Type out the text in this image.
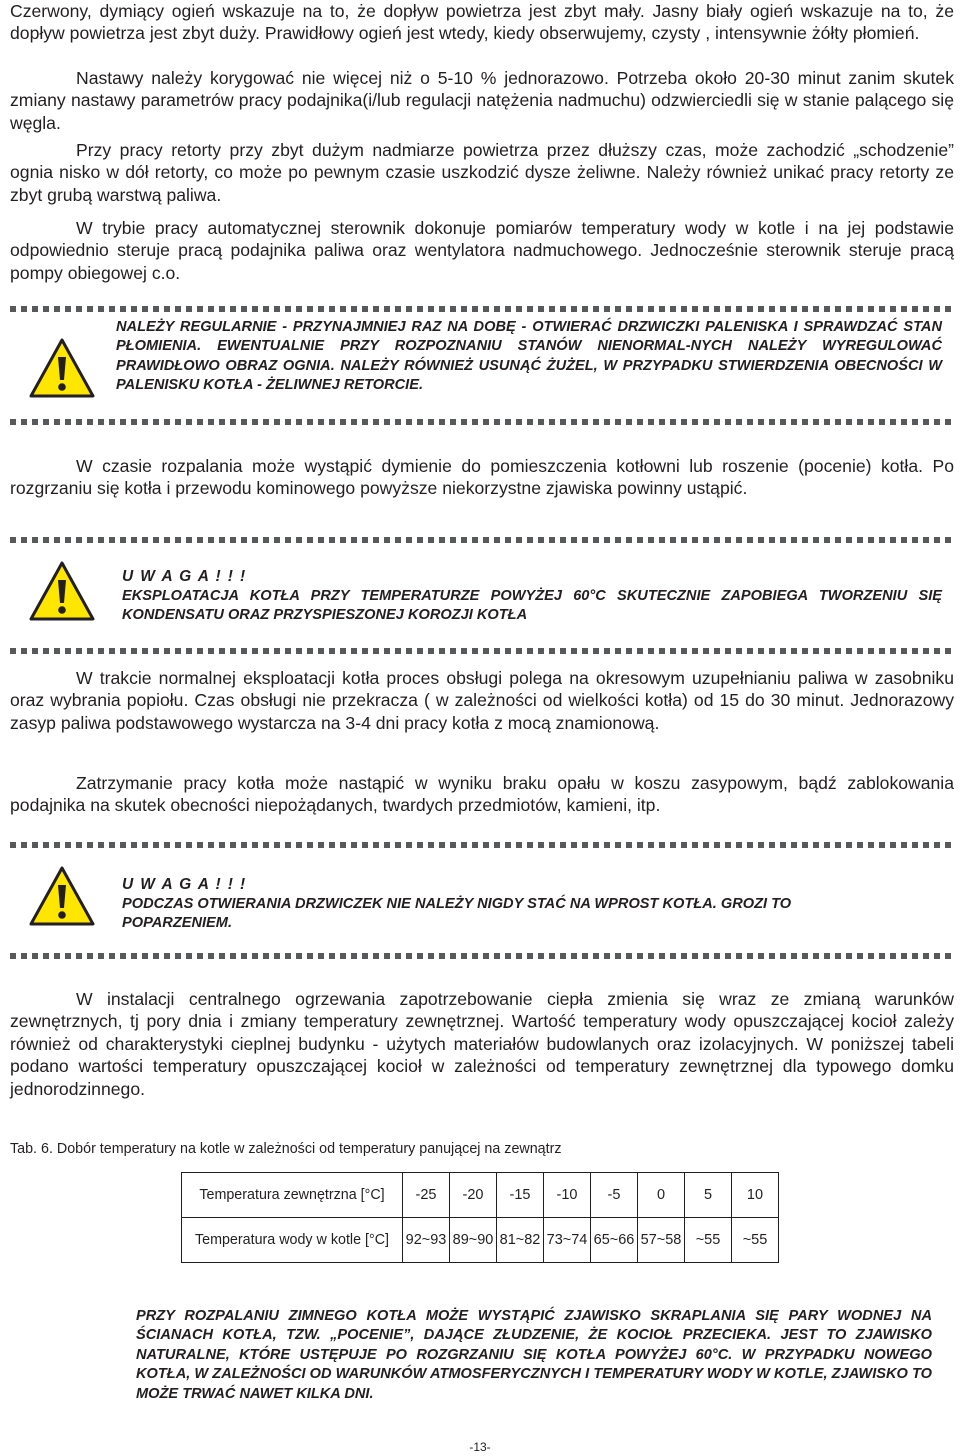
Czerwony, dymiący ogień wskazuje na to, że dopływ powietrza jest zbyt mały. Jasny biały ogień wskazuje na to, że dopływ powietrza jest zbyt duży. Prawidłowy ogień jest wtedy, kiedy obserwujemy, czysty , intensywnie żółty płomień.

Nastawy należy korygować nie więcej niż o 5-10 % jednorazowo. Potrzeba około 20-30 minut zanim skutek zmiany nastawy parametrów pracy podajnika(i/lub regulacji natężenia nadmuchu) odzwierciedli się w stanie palącego się węgla.

Przy pracy retorty przy zbyt dużym nadmiarze powietrza przez dłuższy czas, może zachodzić „schodzenie” ognia nisko w dół retorty, co może po pewnym czasie uszkodzić dysze żeliwne. Należy również unikać pracy retorty ze zbyt grubą warstwą paliwa.

W trybie pracy automatycznej sterownik dokonuje pomiarów temperatury wody w kotle i na jej podstawie odpowiednio steruje pracą podajnika paliwa oraz wentylatora nadmuchowego. Jednocześnie sterownik steruje pracą pompy obiegowej c.o.

NALEŻY REGULARNIE - PRZYNAJMNIEJ RAZ NA DOBĘ - OTWIERAĆ DRZWICZKI PALENISKA I SPRAWDZAĆ STAN PŁOMIENIA. EWENTUALNIE PRZY ROZPOZNANIU STANÓW NIENORMAL-NYCH NALEŻY WYREGULOWAĆ PRAWIDŁOWO OBRAZ OGNIA. NALEŻY RÓWNIEŻ USUNĄĆ ŻUŻEL, W PRZYPADKU STWIERDZENIA OBECNOŚCI W PALENISKU KOTŁA - ŻELIWNEJ RETORCIE.

W czasie rozpalania może wystąpić dymienie do pomieszczenia kotłowni lub roszenie (pocenie) kotła. Po rozgrzaniu się kotła i przewodu kominowego powyższe niekorzystne zjawiska powinny ustąpić.

U W A G A ! ! !

EKSPLOATACJA KOTŁA PRZY TEMPERATURZE POWYŻEJ 60°C SKUTECZNIE ZAPOBIEGA TWORZENIU SIĘ KONDENSATU ORAZ PRZYSPIESZONEJ KOROZJI KOTŁA

W trakcie normalnej eksploatacji kotła proces obsługi polega na okresowym uzupełnianiu paliwa w zasobniku oraz wybrania popiołu. Czas obsługi nie przekracza ( w zależności od wielkości kotła) od 15 do 30 minut. Jednorazowy zasyp paliwa podstawowego wystarcza na 3-4 dni pracy kotła z mocą znamionową.

Zatrzymanie pracy kotła może nastąpić w wyniku braku opału w koszu zasypowym, bądź zablokowania podajnika na skutek obecności niepożądanych, twardych przedmiotów, kamieni, itp.

U W A G A ! ! !

PODCZAS OTWIERANIA DRZWICZEK NIE NALEŻY NIGDY STAĆ NA WPROST KOTŁA. GROZI TO POPARZENIEM.

W instalacji centralnego ogrzewania zapotrzebowanie ciepła zmienia się wraz ze zmianą warunków zewnętrznych, tj pory dnia i zmiany temperatury zewnętrznej. Wartość temperatury wody opuszczającej kocioł zależy również od charakterystyki cieplnej budynku - użytych materiałów budowlanych oraz izolacyjnych. W poniższej tabeli podano wartości temperatury opuszczającej kocioł w zależności od temperatury zewnętrznej dla typowego domku jednorodzinnego.

Tab. 6. Dobór temperatury na kotle w zależności od temperatury panującej na zewnątrz

Temperatura zewnętrzna [°C]	-25	-20	-15	-10	-5	0	5	10
Temperatura wody w kotle [°C]	92~93	89~90	81~82	73~74	65~66	57~58	~55	~55

PRZY ROZPALANIU ZIMNEGO KOTŁA MOŻE WYSTĄPIĆ ZJAWISKO SKRAPLANIA SIĘ PARY WODNEJ NA ŚCIANACH KOTŁA, TZW. „POCENIE”, DAJĄCE ZŁUDZENIE, ŻE KOCIOŁ PRZECIEKA. JEST TO ZJAWISKO NATURALNE, KTÓRE USTĘPUJE PO ROZGRZANIU SIĘ KOTŁA POWYŻEJ 60°C. W PRZYPADKU NOWEGO KOTŁA, W ZALEŻNOŚCI OD WARUNKÓW ATMOSFERYCZNYCH I TEMPERATURY WODY W KOTLE, ZJAWISKO TO MOŻE TRWAĆ NAWET KILKA DNI.

-13-
